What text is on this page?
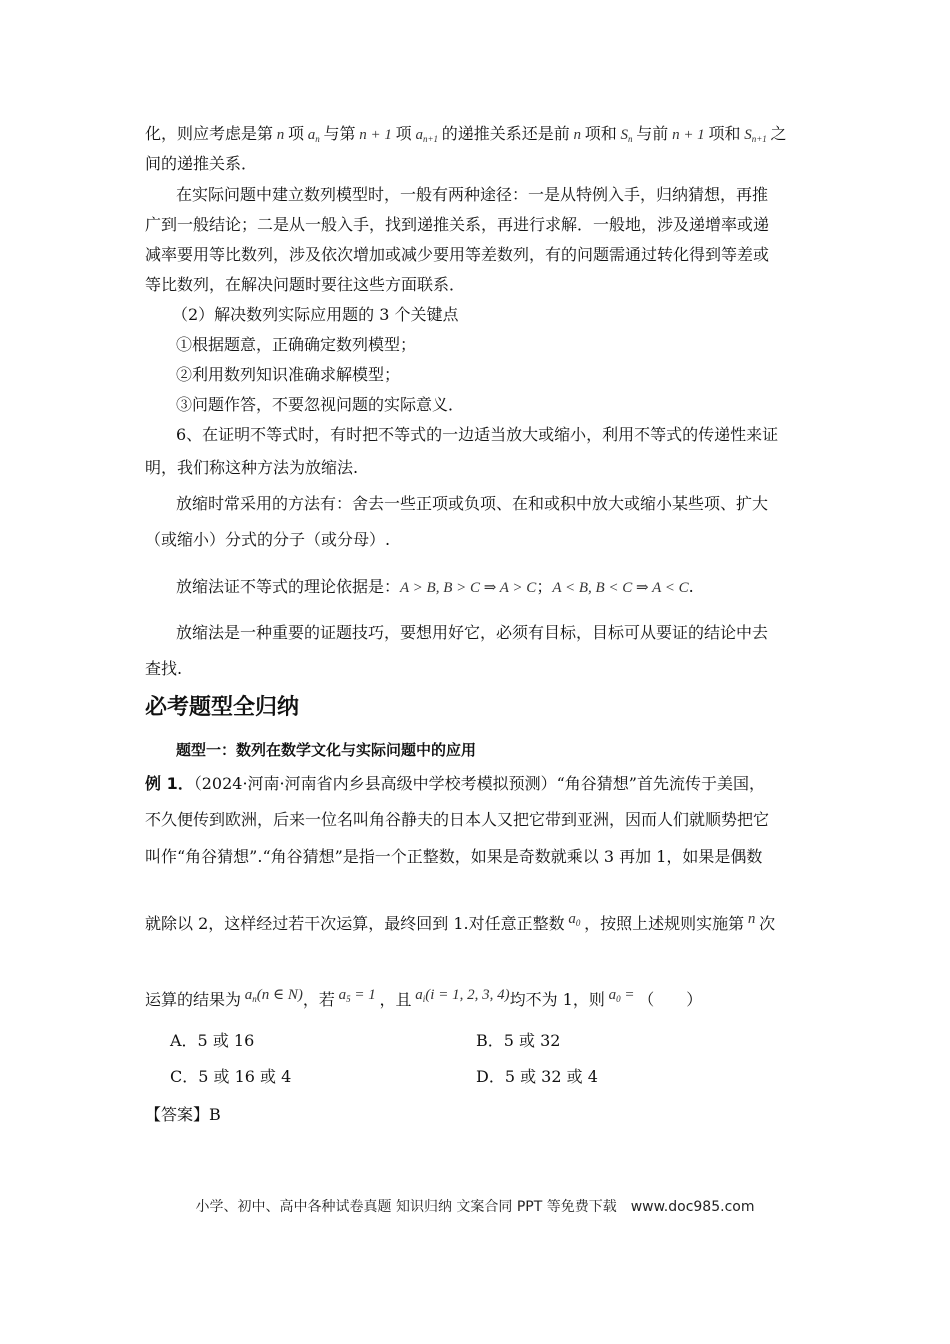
化，则应考虑是第 n 项 $a_n$ 与第 n + 1 项 $a_{n+1}$ 的递推关系还是前 n 项和 $S_n$ 与前 n + 1 项和 $S_{n+1}$ 之
间的递推关系．
在实际问题中建立数列模型时，一般有两种途径：一是从特例入手，归纳猜想，再推
广到一般结论；二是从一般入手，找到递推关系，再进行求解．一般地，涉及递增率或递
减率要用等比数列，涉及依次增加或减少要用等差数列，有的问题需通过转化得到等差或
等比数列，在解决问题时要往这些方面联系．
（2）解决数列实际应用题的 3 个关键点
①根据题意，正确确定数列模型；
②利用数列知识准确求解模型；
③问题作答，不要忽视问题的实际意义．
6、在证明不等式时，有时把不等式的一边适当放大或缩小，利用不等式的传递性来证
明，我们称这种方法为放缩法.
放缩时常采用的方法有：舍去一些正项或负项、在和或积中放大或缩小某些项、扩大
（或缩小）分式的分子（或分母）.
放缩法证不等式的理论依据是：A > B, B > C ⇒ A > C；A < B, B < C ⇒ A < C.
放缩法是一种重要的证题技巧，要想用好它，必须有目标，目标可从要证的结论中去
查找.
必考题型全归纳
题型一：数列在数学文化与实际问题中的应用
例 1．（2024·河南·河南省内乡县高级中学校考模拟预测）“角谷猜想”首先流传于美国，
不久便传到欧洲，后来一位名叫角谷静夫的日本人又把它带到亚洲，因而人们就顺势把它
叫作“角谷猜想”.“角谷猜想”是指一个正整数，如果是奇数就乘以 3 再加 1，如果是偶数
就除以 2，这样经过若干次运算，最终回到 1.对任意正整数 $a_0$ ，按照上述规则实施第 n 次
运算的结果为 $a_n(n$ ∈ N)，若 $a_5 = 1$ ，且 $a_i(i = 1$, 2, 3, 4)均不为 1，则 $a_0$ = （　　）
A．5 或 16	B．5 或 32
C．5 或 16 或 4	D．5 或 32 或 4
【答案】B
小学、初中、高中各种试卷真题 知识归纳 文案合同 PPT 等免费下载　www.doc985.com
